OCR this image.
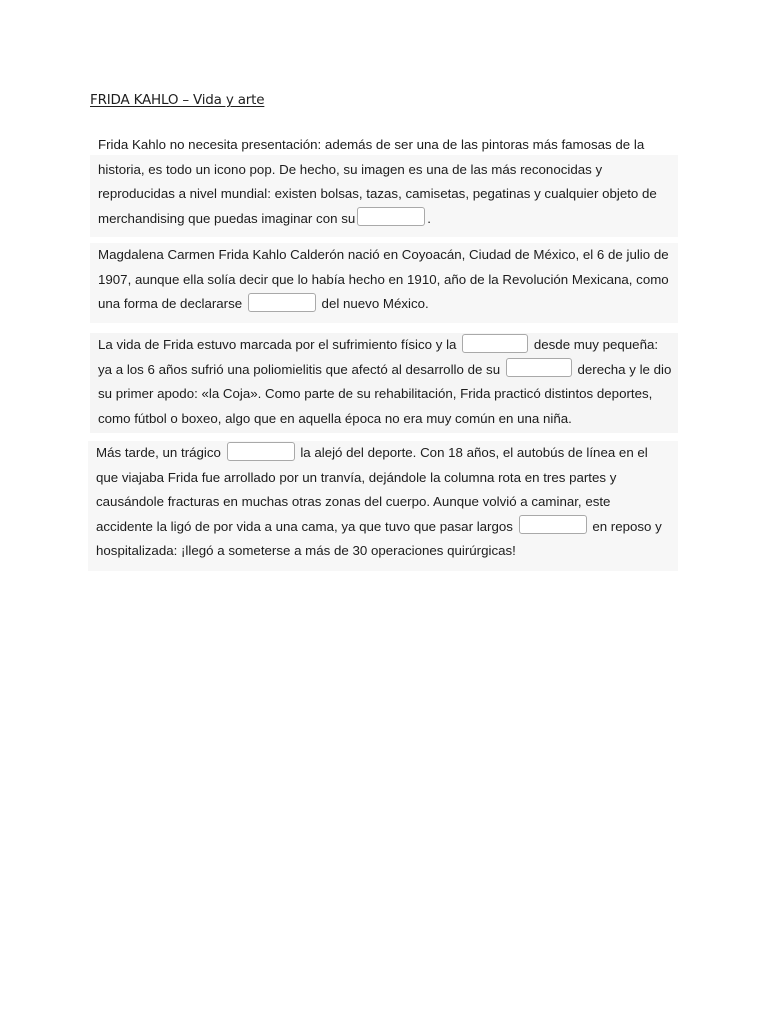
FRIDA KAHLO – Vida y arte
Frida Kahlo no necesita presentación: además de ser una de las pintoras más famosas de la
historia, es todo un icono pop. De hecho, su imagen es una de las más reconocidas y
reproducidas a nivel mundial: existen bolsas, tazas, camisetas, pegatinas y cualquier objeto de
merchandising que puedas imaginar con su	.
Magdalena Carmen Frida Kahlo Calderón nació en Coyoacán, Ciudad de México, el 6 de julio de
1907, aunque ella solía decir que lo había hecho en 1910, año de la Revolución Mexicana, como
una forma de declararse	del nuevo México.
La vida de Frida estuvo marcada por el sufrimiento físico y la	desde muy pequeña:
ya a los 6 años sufrió una poliomielitis que afectó al desarrollo de su	derecha y le dio
su primer apodo: «la Coja». Como parte de su rehabilitación, Frida practicó distintos deportes,
como fútbol o boxeo, algo que en aquella época no era muy común en una niña.
Más tarde, un trágico	la alejó del deporte. Con 18 años, el autobús de línea en el
que viajaba Frida fue arrollado por un tranvía, dejándole la columna rota en tres partes y
causándole fracturas en muchas otras zonas del cuerpo. Aunque volvió a caminar, este
accidente la ligó de por vida a una cama, ya que tuvo que pasar largos	en reposo y
hospitalizada: ¡llegó a someterse a más de 30 operaciones quirúrgicas!
